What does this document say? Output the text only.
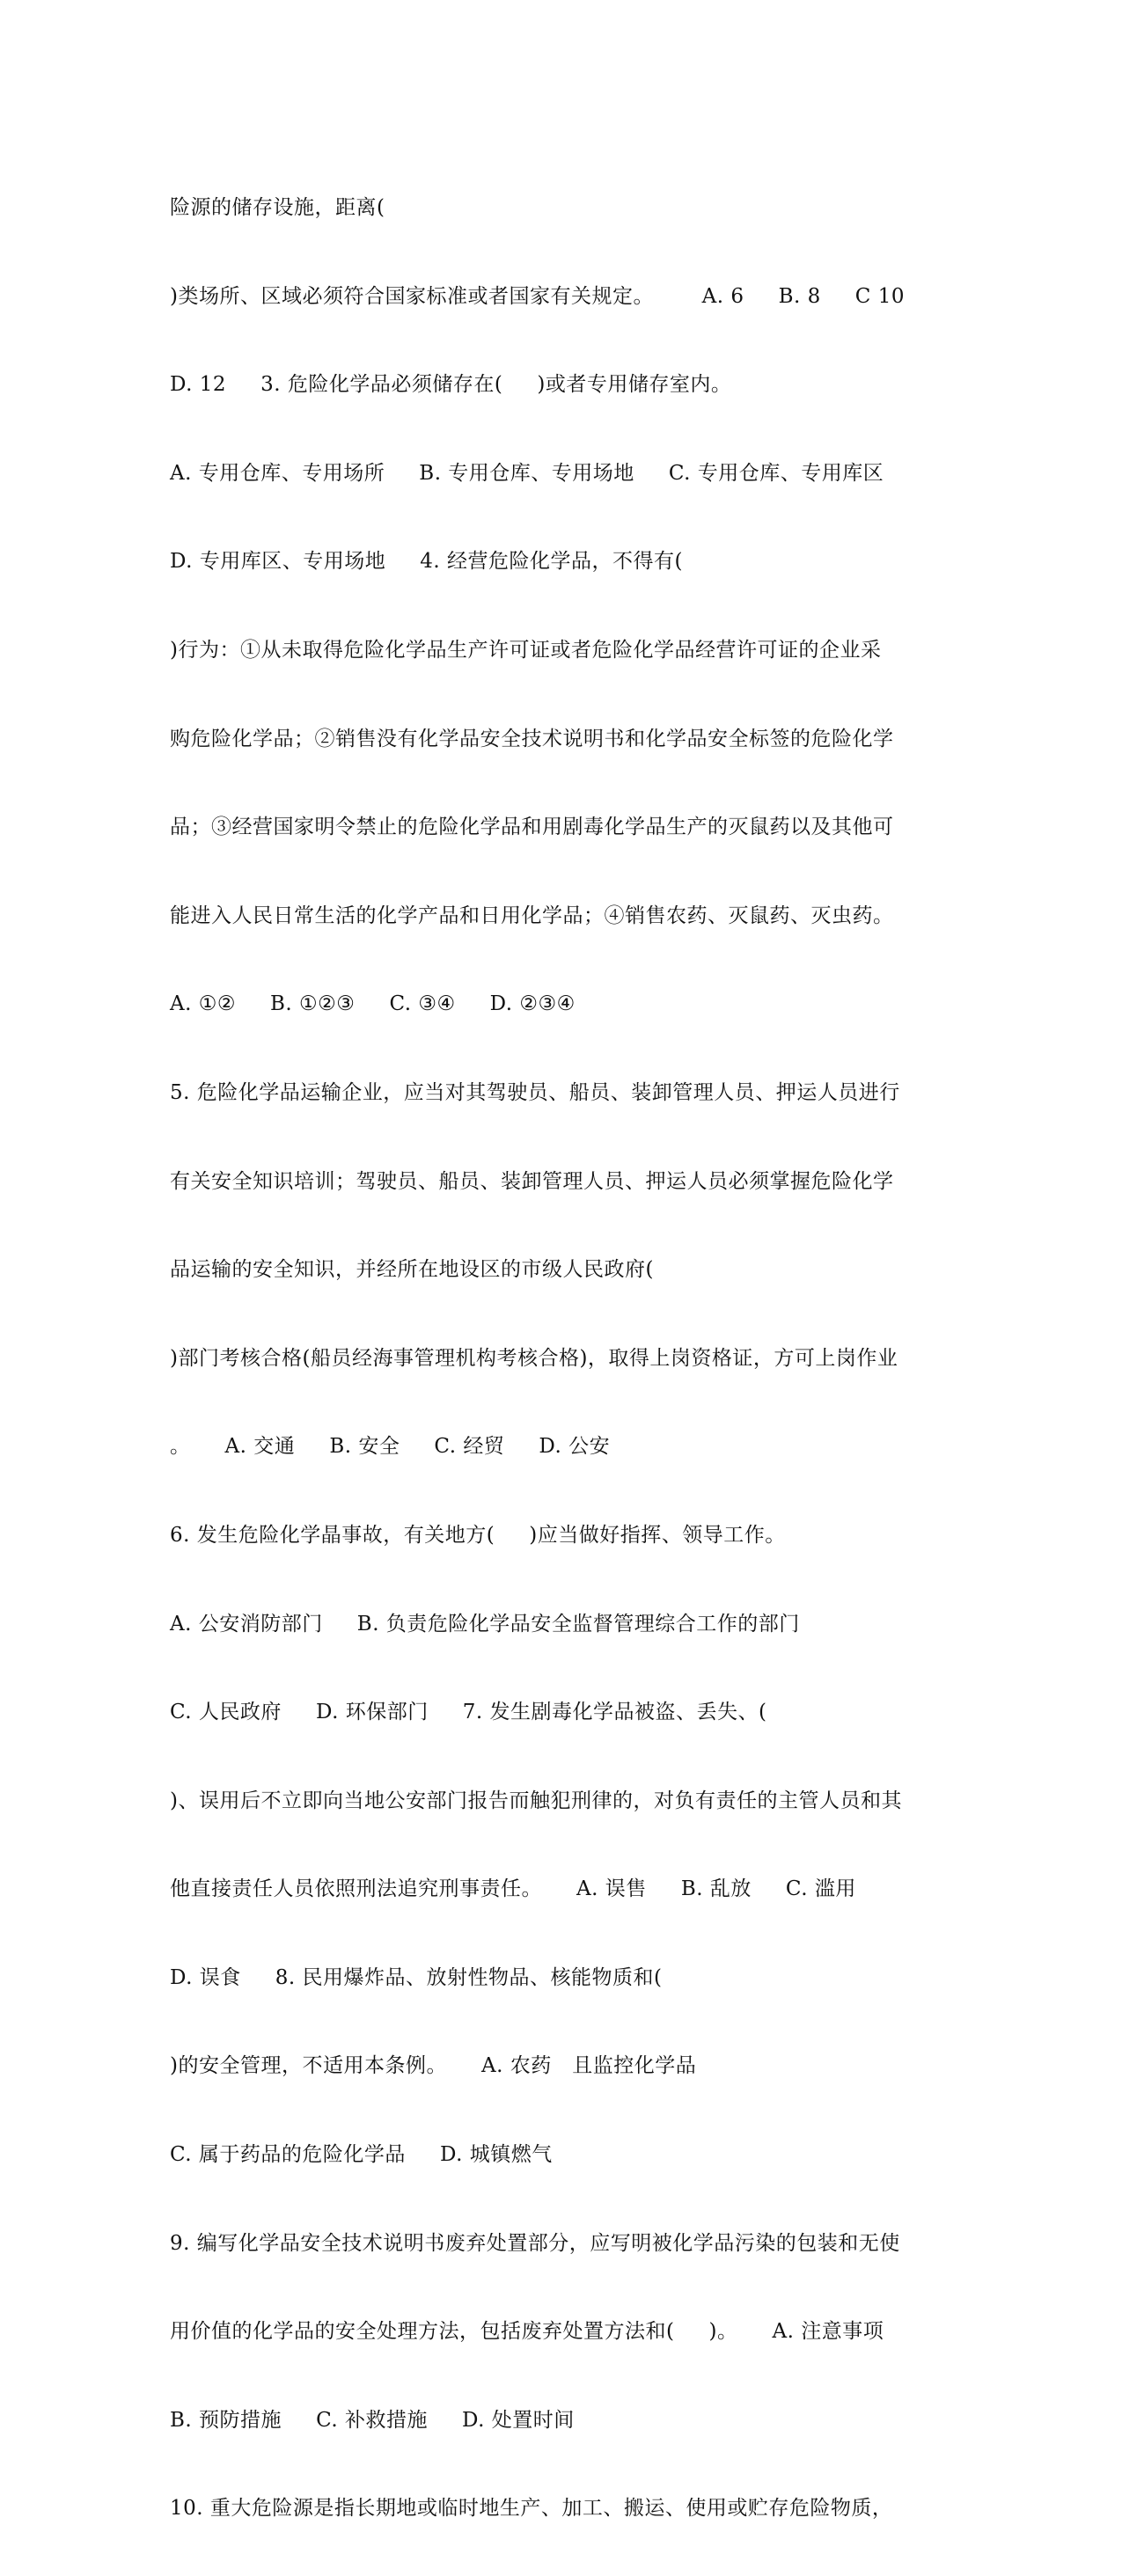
险源的储存设施，距离(

)类场所、区域必须符合国家标准或者国家有关规定。       A. 6     B. 8     C 10

D. 12     3. 危险化学品必须储存在(     )或者专用储存室内。

A. 专用仓库、专用场所     B. 专用仓库、专用场地     C. 专用仓库、专用库区

D. 专用库区、专用场地     4. 经营危险化学品，不得有(

)行为：①从未取得危险化学品生产许可证或者危险化学品经营许可证的企业采

购危险化学品；②销售没有化学品安全技术说明书和化学品安全标签的危险化学

品；③经营国家明令禁止的危险化学品和用剧毒化学品生产的灭鼠药以及其他可

能进入人民日常生活的化学产品和日用化学品；④销售农药、灭鼠药、灭虫药。

A. ①②     B. ①②③     C. ③④     D. ②③④

5. 危险化学品运输企业，应当对其驾驶员、船员、装卸管理人员、押运人员进行

有关安全知识培训；驾驶员、船员、装卸管理人员、押运人员必须掌握危险化学

品运输的安全知识，并经所在地设区的市级人民政府(

)部门考核合格(船员经海事管理机构考核合格)，取得上岗资格证，方可上岗作业

。     A. 交通     B. 安全     C. 经贸     D. 公安

6. 发生危险化学晶事故，有关地方(     )应当做好指挥、领导工作。

A. 公安消防部门     B. 负责危险化学品安全监督管理综合工作的部门

C. 人民政府     D. 环保部门     7. 发生剧毒化学品被盗、丢失、(

)、误用后不立即向当地公安部门报告而触犯刑律的，对负有责任的主管人员和其

他直接责任人员依照刑法追究刑事责任。     A. 误售     B. 乱放     C. 滥用

D. 误食     8. 民用爆炸品、放射性物品、核能物质和(

)的安全管理，不适用本条例。     A. 农药   且监控化学品

C. 属于药品的危险化学品     D. 城镇燃气

9. 编写化学品安全技术说明书废弃处置部分，应写明被化学品污染的包装和无使

用价值的化学品的安全处理方法，包括废弃处置方法和(     )。     A. 注意事项

B. 预防措施     C. 补救措施     D. 处置时间

10. 重大危险源是指长期地或临时地生产、加工、搬运、使用或贮存危险物质，
